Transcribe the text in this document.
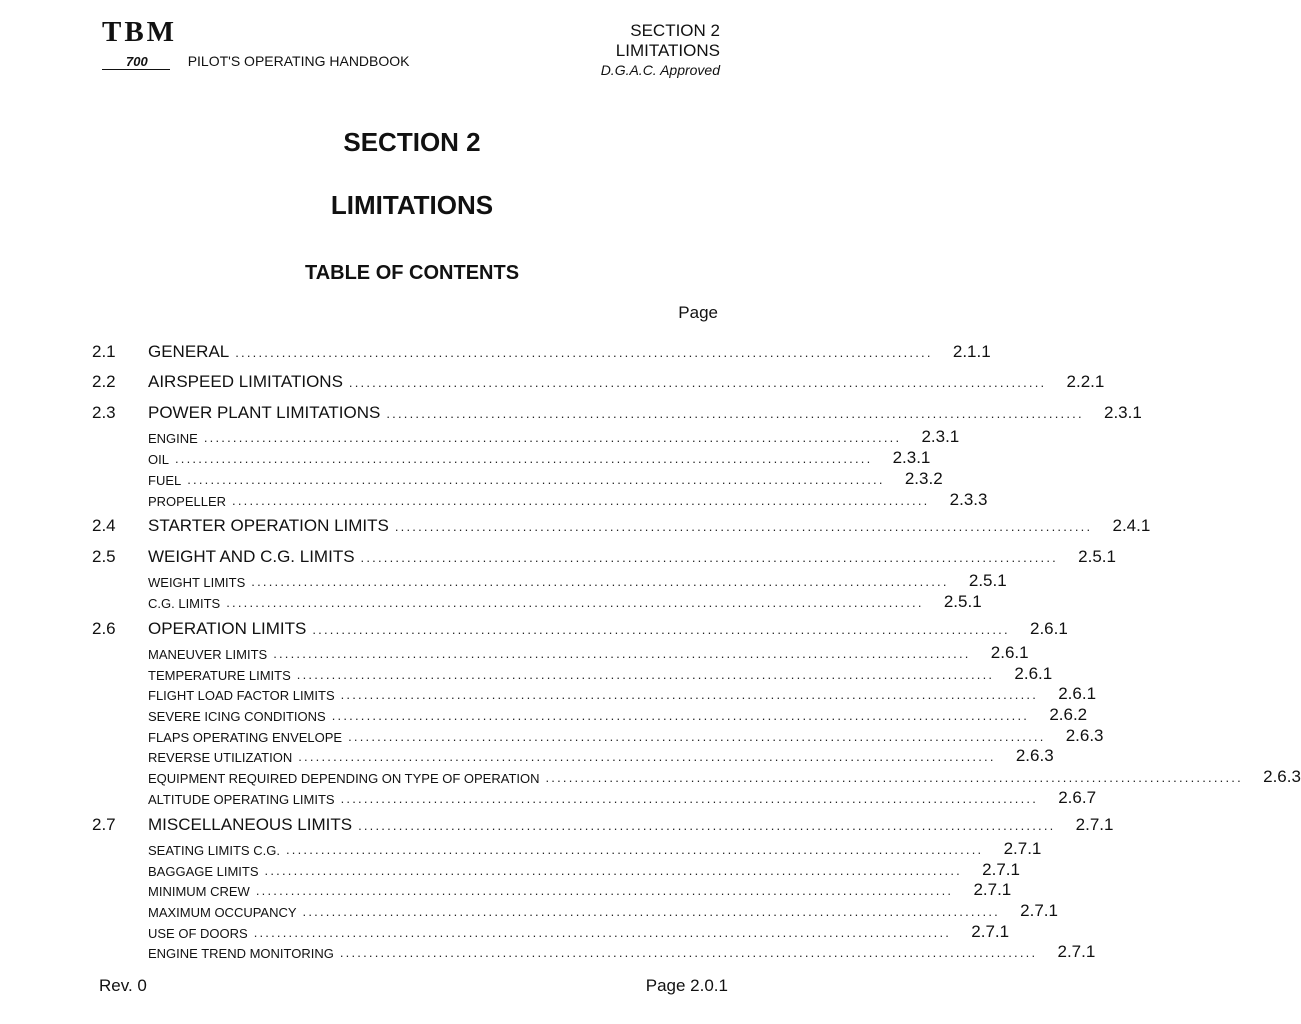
TBM
700	PILOT'S OPERATING HANDBOOK
SECTION 2
LIMITATIONS
D.G.A.C. Approved
SECTION 2
LIMITATIONS
TABLE OF CONTENTS
Page
2.1	GENERAL ........................................................................................................................	2.1.1
2.2	AIRSPEED LIMITATIONS ........................................................................................................................	2.2.1
2.3	POWER PLANT LIMITATIONS ........................................................................................................................	2.3.1
ENGINE ........................................................................................................................	2.3.1
OIL ........................................................................................................................	2.3.1
FUEL ........................................................................................................................	2.3.2
PROPELLER ........................................................................................................................	2.3.3
2.4	STARTER OPERATION LIMITS ........................................................................................................................	2.4.1
2.5	WEIGHT AND C.G. LIMITS ........................................................................................................................	2.5.1
WEIGHT LIMITS ........................................................................................................................	2.5.1
C.G. LIMITS ........................................................................................................................	2.5.1
2.6	OPERATION LIMITS ........................................................................................................................	2.6.1
MANEUVER LIMITS ........................................................................................................................	2.6.1
TEMPERATURE LIMITS ........................................................................................................................	2.6.1
FLIGHT LOAD FACTOR LIMITS ........................................................................................................................	2.6.1
SEVERE ICING CONDITIONS ........................................................................................................................	2.6.2
FLAPS OPERATING ENVELOPE ........................................................................................................................	2.6.3
REVERSE UTILIZATION ........................................................................................................................	2.6.3
EQUIPMENT REQUIRED DEPENDING ON TYPE OF OPERATION ........................................................................................................................	2.6.3
ALTITUDE OPERATING LIMITS ........................................................................................................................	2.6.7
2.7	MISCELLANEOUS LIMITS ........................................................................................................................	2.7.1
SEATING LIMITS C.G. ........................................................................................................................	2.7.1
BAGGAGE LIMITS ........................................................................................................................	2.7.1
MINIMUM CREW ........................................................................................................................	2.7.1
MAXIMUM OCCUPANCY ........................................................................................................................	2.7.1
USE OF DOORS ........................................................................................................................	2.7.1
ENGINE TREND MONITORING ........................................................................................................................	2.7.1
Rev. 0	Page 2.0.1
